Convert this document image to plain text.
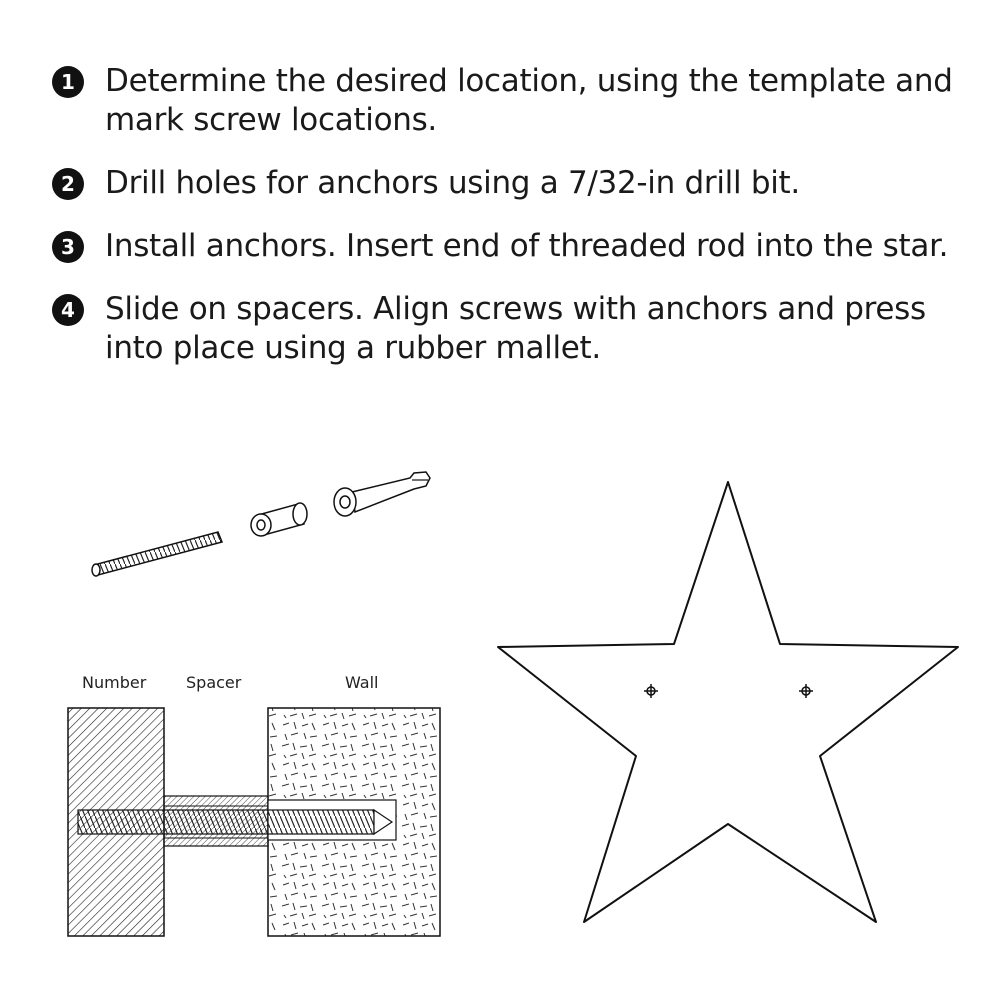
1 Determine the desired location, using the template and mark screw locations.
2 Drill holes for anchors using a 7/32-in drill bit.
3 Install anchors. Insert end of threaded rod into the star.
4 Slide on spacers. Align screws with anchors and press into place using a rubber mallet.
Number Spacer	Wall
